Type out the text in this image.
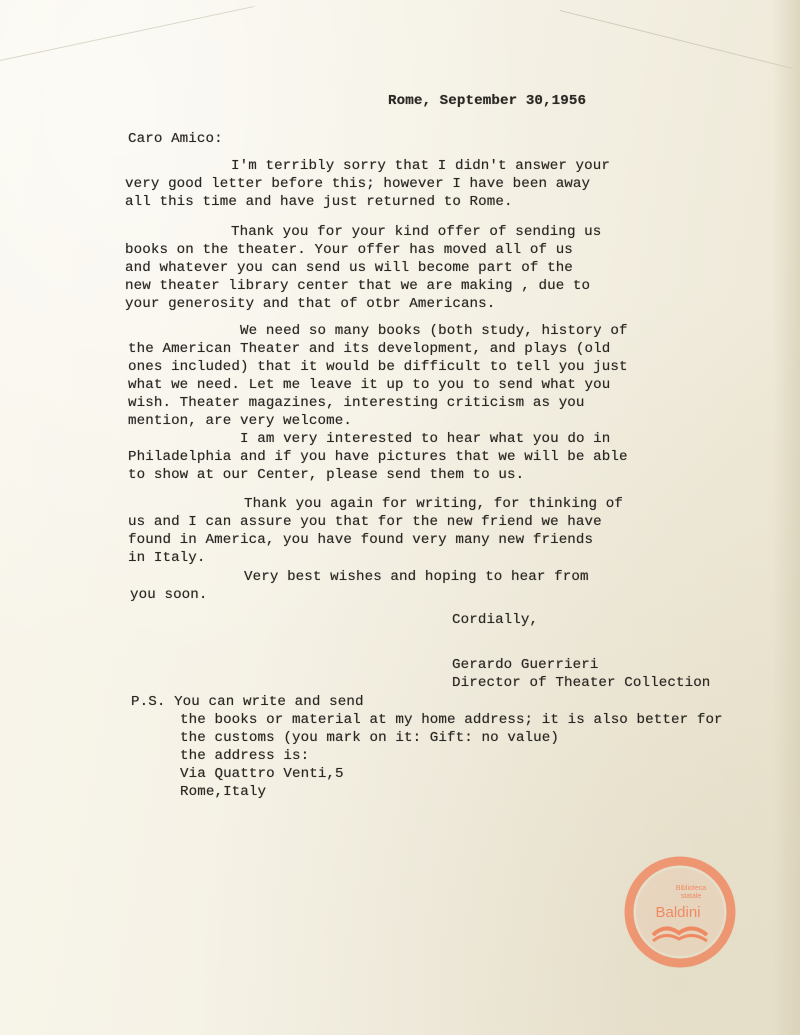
Rome, September 30,1956
Caro Amico:
I'm terribly sorry that I didn't answer your
very good letter before this; however I have been away
all this time and have just returned to Rome.
Thank you for your kind offer of sending us
books on the theater. Your offer has moved all of us
and whatever you can send us will become part of the
new theater library center that we are making , due to
your generosity and that of otbr Americans.
We need so many books (both study, history of
the American Theater and its development, and plays (old
ones included) that it would be difficult to tell you just
what we need. Let me leave it up to you to send what you
wish. Theater magazines, interesting criticism as you
mention, are very welcome.
I am very interested to hear what you do in
Philadelphia and if you have pictures that we will be able
to show at our Center, please send them to us.
Thank you again for writing, for thinking of
us and I can assure you that for the new friend we have
found in America, you have found very many new friends
in Italy.
Very best wishes and hoping to hear from
you soon.
Cordially,
Gerardo Guerrieri
Director of Theater Collection
P.S. You can write and send
the books or material at my home address; it is also better for
the customs (you mark on it: Gift: no value)
the address is:
Via Quattro Venti,5
Rome,Italy
Biblioteca
statale
Baldini
